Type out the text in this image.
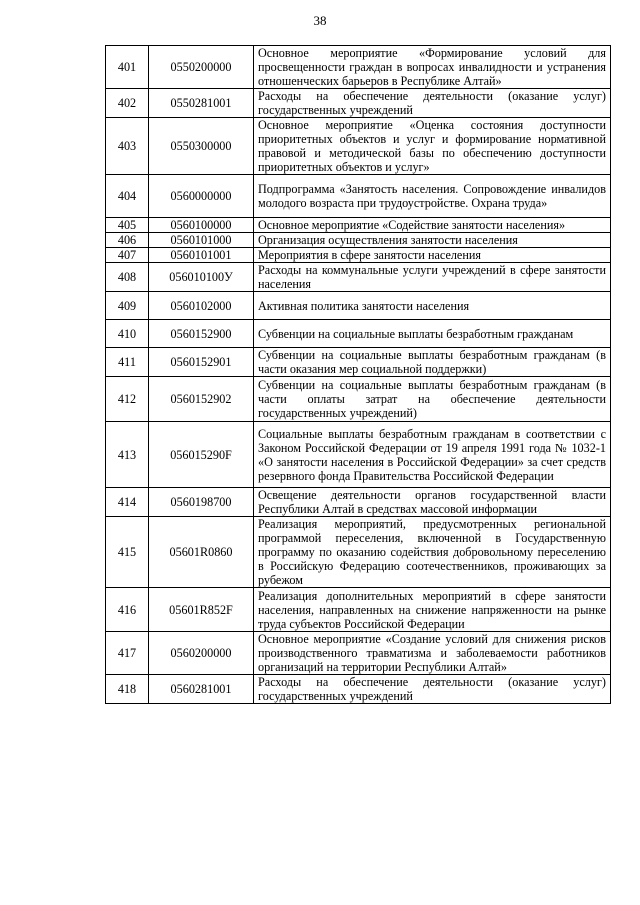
38
401	0550200000	Основное мероприятие «Формирование условий для просвещенности граждан в вопросах инвалидности и устранения отношенческих барьеров в Республике Алтай»
402	0550281001	Расходы на обеспечение деятельности (оказание услуг) государственных учреждений
403	0550300000	Основное мероприятие «Оценка состояния доступности приоритетных объектов и услуг и формирование нормативной правовой и методической базы по обеспечению доступности приоритетных объектов и услуг»
404	0560000000	Подпрограмма «Занятость населения. Сопровождение инвалидов молодого возраста при трудоустройстве. Охрана труда»
405	0560100000	Основное мероприятие «Содействие занятости населения»
406	0560101000	Организация осуществления занятости населения
407	0560101001	Мероприятия в сфере занятости населения
408	056010100У	Расходы на коммунальные услуги учреждений в сфере занятости населения
409	0560102000	Активная политика занятости населения
410	0560152900	Субвенции на социальные выплаты безработным гражданам
411	0560152901	Субвенции на социальные выплаты безработным гражданам (в части оказания мер социальной поддержки)
412	0560152902	Субвенции на социальные выплаты безработным гражданам (в части оплаты затрат на обеспечение деятельности государственных учреждений)
413	056015290F	Социальные выплаты безработным гражданам в соответствии с Законом Российской Федерации от 19 апреля 1991 года № 1032-1 «О занятости населения в Российской Федерации» за счет средств резервного фонда Правительства Российской Федерации
414	0560198700	Освещение деятельности органов государственной власти Республики Алтай в средствах массовой информации
415	05601R0860	Реализация мероприятий, предусмотренных региональной программой переселения, включенной в Государственную программу по оказанию содействия добровольному переселению в Российскую Федерацию соотечественников, проживающих за рубежом
416	05601R852F	Реализация дополнительных мероприятий в сфере занятости населения, направленных на снижение напряженности на рынке труда субъектов Российской Федерации
417	0560200000	Основное мероприятие «Создание условий для снижения рисков производственного травматизма и заболеваемости работников организаций на территории Республики Алтай»
418	0560281001	Расходы на обеспечение деятельности (оказание услуг) государственных учреждений
